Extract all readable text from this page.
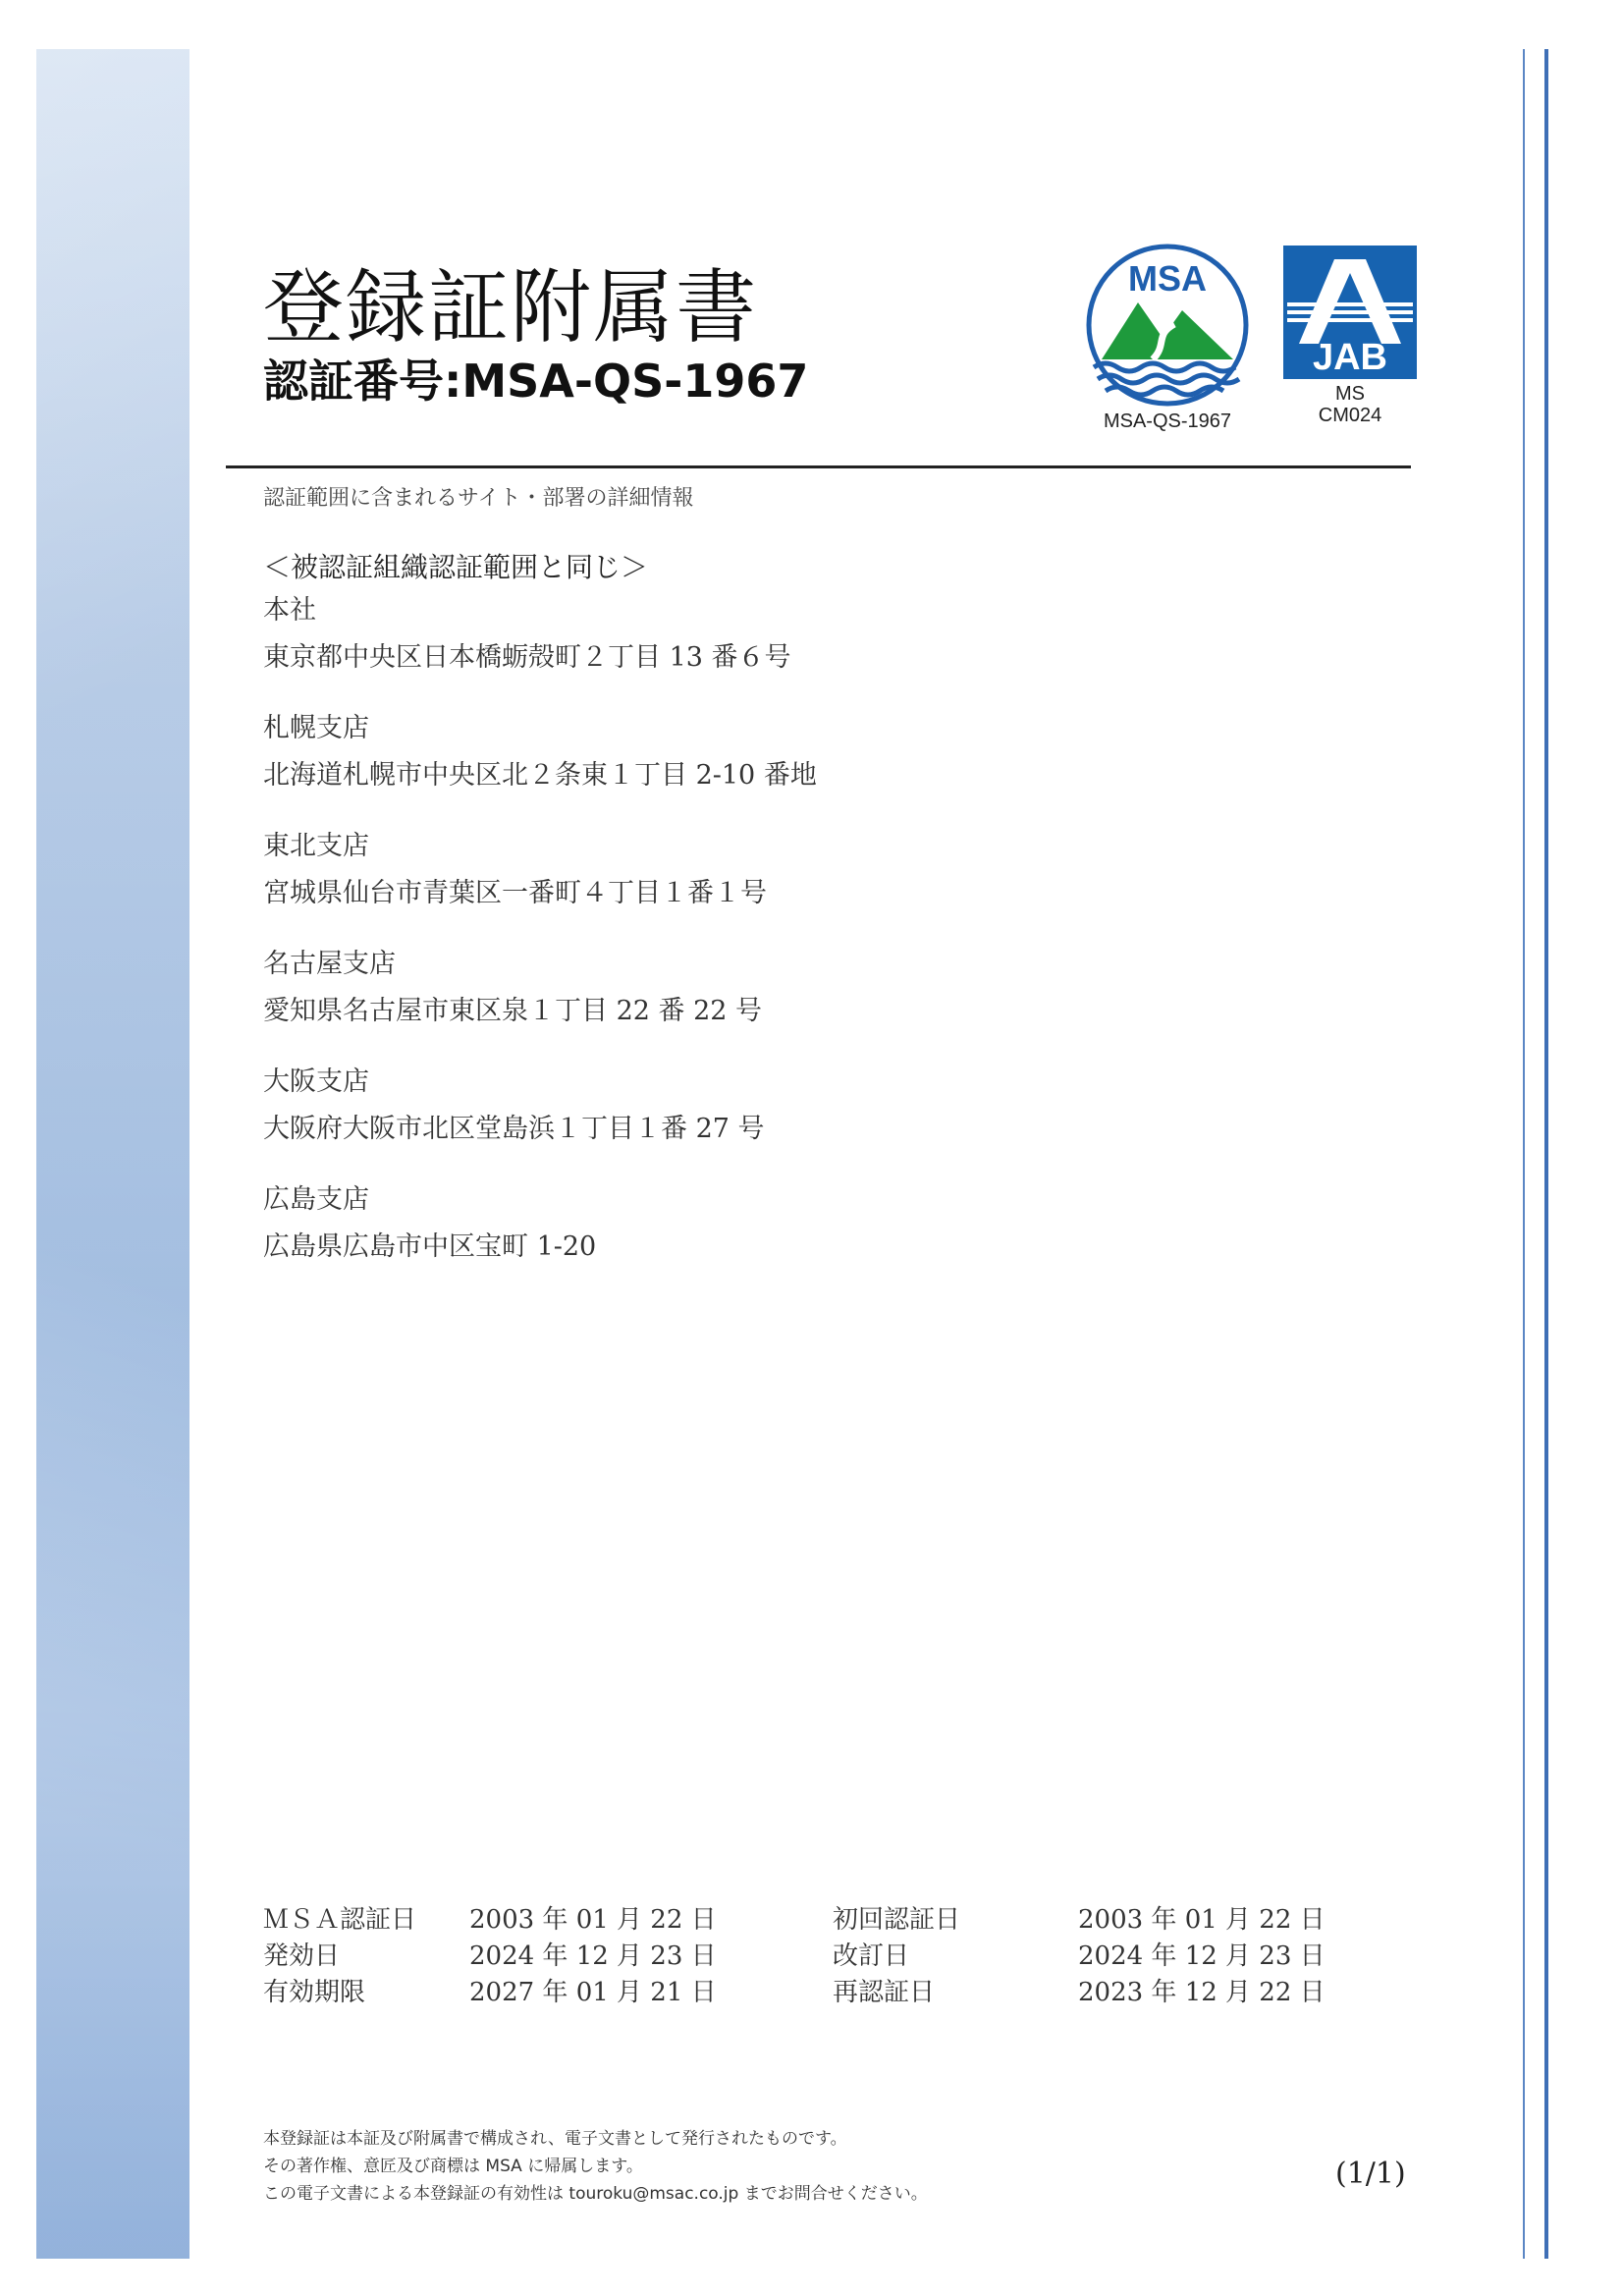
登録証附属書
認証番号:MSA-QS-1967
MSA
MSA-QS-1967
JAB
MS
CM024
認証範囲に含まれるサイト・部署の詳細情報
＜被認証組織認証範囲と同じ＞
本社
東京都中央区日本橋蛎殻町２丁目 13 番６号
札幌支店
北海道札幌市中央区北２条東１丁目 2-10 番地
東北支店
宮城県仙台市青葉区一番町４丁目１番１号
名古屋支店
愛知県名古屋市東区泉１丁目 22 番 22 号
大阪支店
大阪府大阪市北区堂島浜１丁目１番 27 号
広島支店
広島県広島市中区宝町 1-20
ＭＳＡ認証日	2003 年 01 月 22 日	初回認証日	2003 年 01 月 22 日
発効日	2024 年 12 月 23 日	改訂日	2024 年 12 月 23 日
有効期限	2027 年 01 月 21 日	再認証日	2023 年 12 月 22 日
本登録証は本証及び附属書で構成され、電子文書として発行されたものです。
その著作権、意匠及び商標は MSA に帰属します。
この電子文書による本登録証の有効性は touroku@msac.co.jp までお問合せください。
(1/1)
